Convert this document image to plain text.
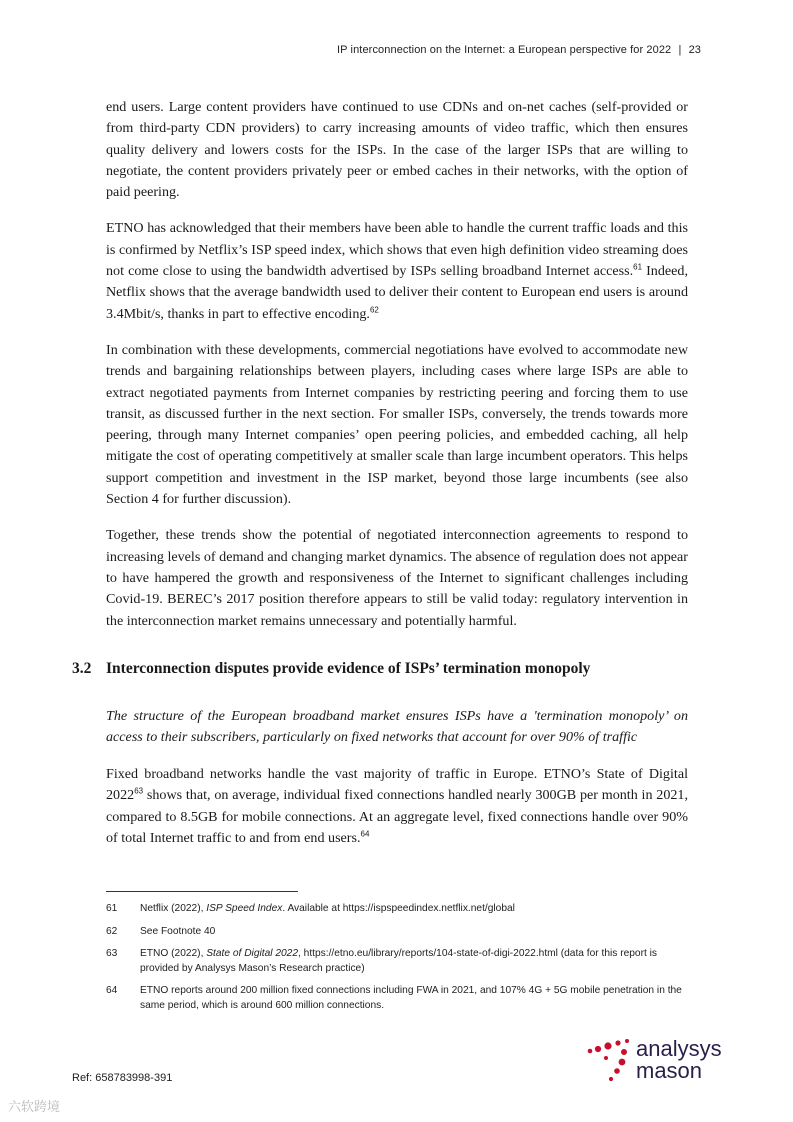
IP interconnection on the Internet: a European perspective for 2022 | 23

end users. Large content providers have continued to use CDNs and on-net caches (self-provided or from third-party CDN providers) to carry increasing amounts of video traffic, which then ensures quality delivery and lowers costs for the ISPs. In the case of the larger ISPs that are willing to negotiate, the content providers privately peer or embed caches in their networks, with the option of paid peering.

ETNO has acknowledged that their members have been able to handle the current traffic loads and this is confirmed by Netflix’s ISP speed index, which shows that even high definition video streaming does not come close to using the bandwidth advertised by ISPs selling broadband Internet access.$^{61}$ Indeed, Netflix shows that the average bandwidth used to deliver their content to European end users is around 3.4Mbit/s, thanks in part to effective encoding.$^{62}$

In combination with these developments, commercial negotiations have evolved to accommodate new trends and bargaining relationships between players, including cases where large ISPs are able to extract negotiated payments from Internet companies by restricting peering and forcing them to use transit, as discussed further in the next section. For smaller ISPs, conversely, the trends towards more peering, through many Internet companies’ open peering policies, and embedded caching, all help mitigate the cost of operating competitively at smaller scale than large incumbent operators. This helps support competition and investment in the ISP market, beyond those large incumbents (see also Section 4 for further discussion).

Together, these trends show the potential of negotiated interconnection agreements to respond to increasing levels of demand and changing market dynamics. The absence of regulation does not appear to have hampered the growth and responsiveness of the Internet to significant challenges including Covid-19. BEREC’s 2017 position therefore appears to still be valid today: regulatory intervention in the interconnection market remains unnecessary and potentially harmful.

3.2 Interconnection disputes provide evidence of ISPs’ termination monopoly
The structure of the European broadband market ensures ISPs have a 'termination monopoly’ on access to their subscribers, particularly on fixed networks that account for over 90% of traffic

Fixed broadband networks handle the vast majority of traffic in Europe. ETNO’s State of Digital 2022$^{63}$ shows that, on average, individual fixed connections handled nearly 300GB per month in 2021, compared to 8.5GB for mobile connections. At an aggregate level, fixed connections handle over 90% of total Internet traffic to and from end users.$^{64}$

61	Netflix (2022), ISP Speed Index. Available at https://ispspeedindex.netflix.net/global
62	See Footnote 40
63	ETNO (2022), State of Digital 2022, https://etno.eu/library/reports/104-state-of-digi-2022.html (data for this report is provided by Analysys Mason’s Research practice)
64	ETNO reports around 200 million fixed connections including FWA in 2021, and 107% 4G + 5G mobile penetration in the same period, which is around 600 million connections.
Ref: 658783998-391
analysys
mason
六软跨境
